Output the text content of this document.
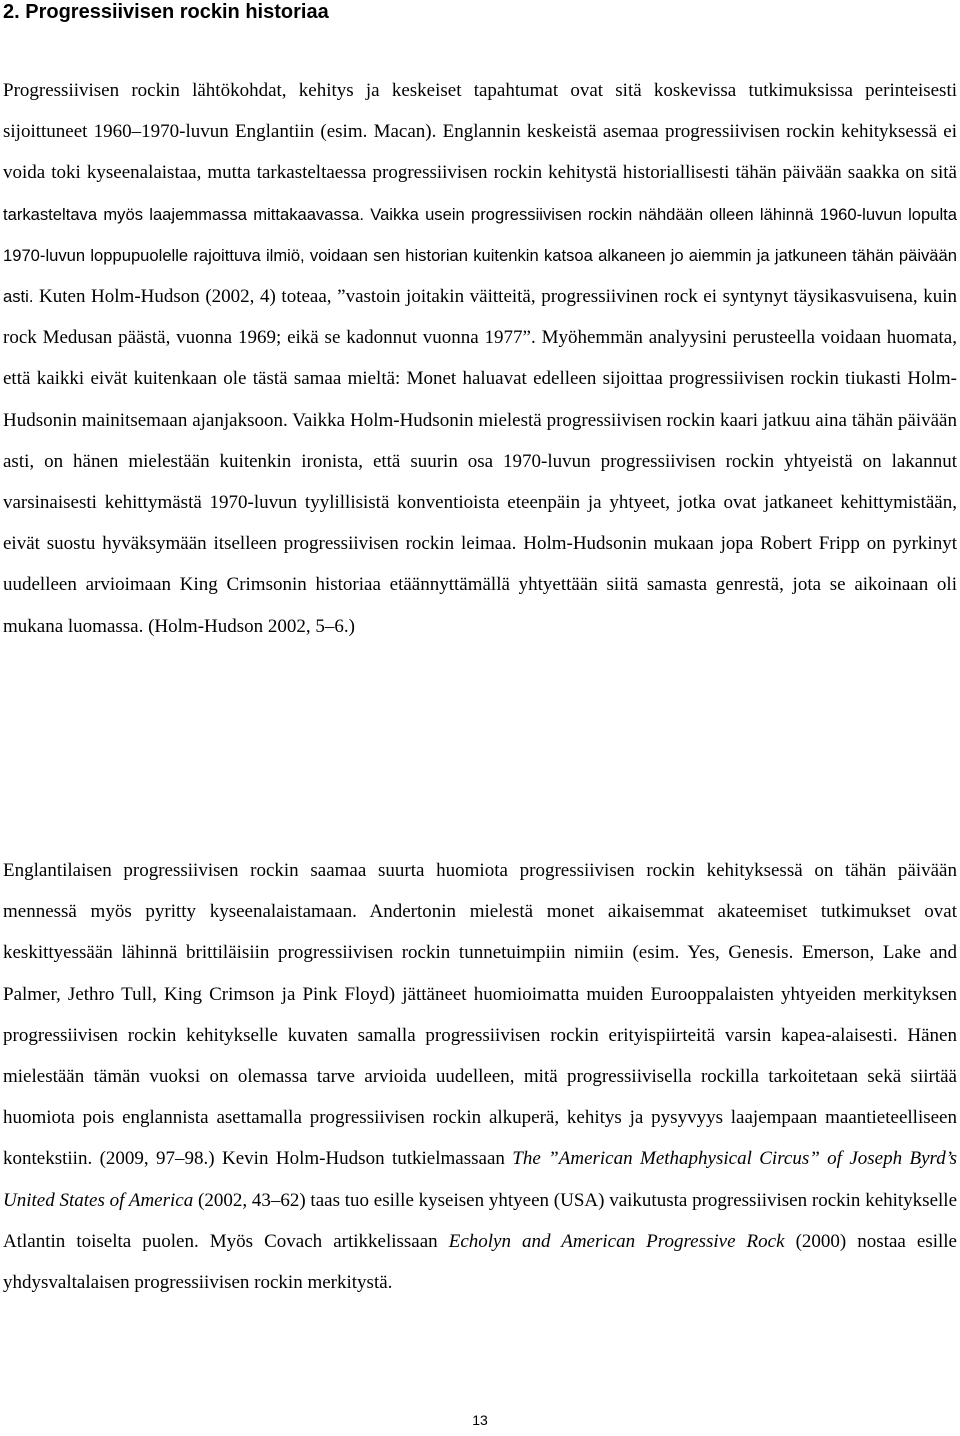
2. Progressiivisen rockin historiaa

Progressiivisen rockin lähtökohdat, kehitys ja keskeiset tapahtumat ovat sitä koskevissa tutkimuksissa perinteisesti sijoittuneet 1960–1970-luvun Englantiin (esim. Macan). Englannin keskeistä asemaa progressiivisen rockin kehityksessä ei voida toki kyseenalaistaa, mutta tarkasteltaessa progressiivisen rockin kehitystä historiallisesti tähän päivään saakka on sitä tarkasteltava myös laajemmassa mittakaavassa. Vaikka usein progressiivisen rockin nähdään olleen lähinnä 1960-luvun lopulta 1970-luvun loppupuolelle rajoittuva ilmiö, voidaan sen historian kuitenkin katsoa alkaneen jo aiemmin ja jatkuneen tähän päivään asti. Kuten Holm-Hudson (2002, 4) toteaa, ”vastoin joitakin väitteitä, progressiivinen rock ei syntynyt täysikasvuisena, kuin rock Medusan päästä, vuonna 1969; eikä se kadonnut vuonna 1977”. Myöhemmän analyysini perusteella voidaan huomata, että kaikki eivät kuitenkaan ole tästä samaa mieltä: Monet haluavat edelleen sijoittaa progressiivisen rockin tiukasti Holm-Hudsonin mainitsemaan ajanjaksoon. Vaikka Holm-Hudsonin mielestä progressiivisen rockin kaari jatkuu aina tähän päivään asti, on hänen mielestään kuitenkin ironista, että suurin osa 1970-luvun progressiivisen rockin yhtyeistä on lakannut varsinaisesti kehittymästä 1970-luvun tyylillisistä konventioista eteenpäin ja yhtyeet, jotka ovat jatkaneet kehittymistään, eivät suostu hyväksymään itselleen progressiivisen rockin leimaa. Holm-Hudsonin mukaan jopa Robert Fripp on pyrkinyt uudelleen arvioimaan King Crimsonin historiaa etäännyttämällä yhtyettään siitä samasta genrestä, jota se aikoinaan oli mukana luomassa. (Holm-Hudson 2002, 5–6.)

Englantilaisen progressiivisen rockin saamaa suurta huomiota progressiivisen rockin kehityksessä on tähän päivään mennessä myös pyritty kyseenalaistamaan. Andertonin mielestä monet aikaisemmat akateemiset tutkimukset ovat keskittyessään lähinnä brittiläisiin progressiivisen rockin tunnetuimpiin nimiin (esim. Yes, Genesis. Emerson, Lake and Palmer, Jethro Tull, King Crimson ja Pink Floyd) jättäneet huomioimatta muiden Eurooppalaisten yhtyeiden merkityksen progressiivisen rockin kehitykselle kuvaten samalla progressiivisen rockin erityispiirteitä varsin kapea-alaisesti. Hänen mielestään tämän vuoksi on olemassa tarve arvioida uudelleen, mitä progressiivisella rockilla tarkoitetaan sekä siirtää huomiota pois englannista asettamalla progressiivisen rockin alkuperä, kehitys ja pysyvyys laajempaan maantieteelliseen kontekstiin. (2009, 97–98.) Kevin Holm-Hudson tutkielmassaan The ”American Methaphysical Circus” of Joseph Byrd’s United States of America (2002, 43–62) taas tuo esille kyseisen yhtyeen (USA) vaikutusta progressiivisen rockin kehitykselle Atlantin toiselta puolen. Myös Covach artikkelissaan Echolyn and American Progressive Rock (2000) nostaa esille yhdysvaltalaisen progressiivisen rockin merkitystä.

13
